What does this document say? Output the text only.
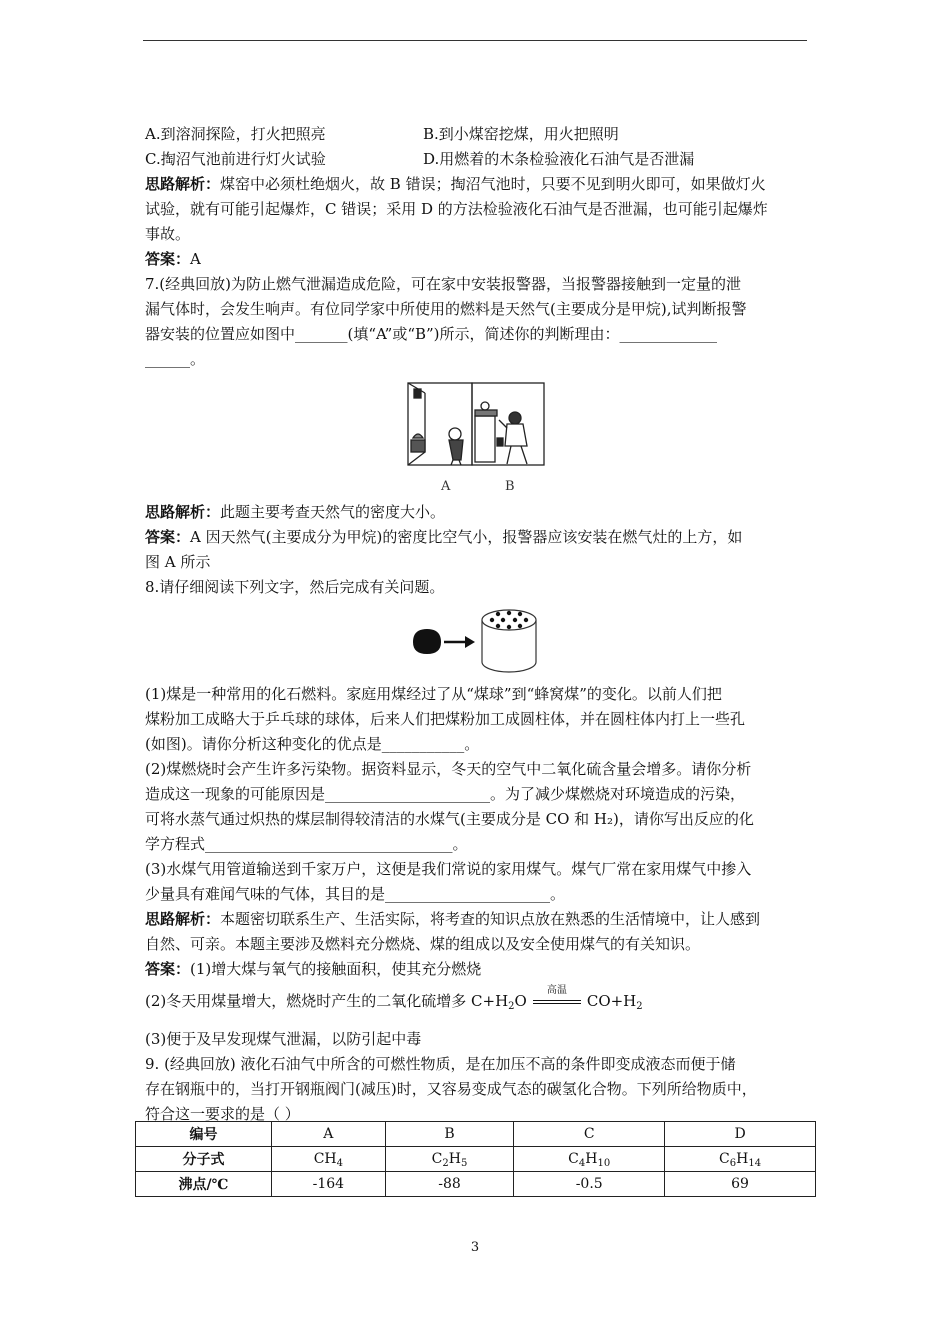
A.到溶洞探险，打火把照亮	B.到小煤窑挖煤，用火把照明
C.掏沼气池前进行灯火试验	D.用燃着的木条检验液化石油气是否泄漏
思路解析：煤窑中必须杜绝烟火，故 B 错误；掏沼气池时，只要不见到明火即可，如果做灯火
试验，就有可能引起爆炸，C 错误；采用 D 的方法检验液化石油气是否泄漏，也可能引起爆炸
事故。
答案：A
7.(经典回放)为防止燃气泄漏造成危险，可在家中安装报警器，当报警器接触到一定量的泄
漏气体时，会发生响声。有位同学家中所使用的燃料是天然气(主要成分是甲烷),试判断报警
器安装的位置应如图中_______(填“A”或“B”)所示，简述你的判断理由：_____________
______。
A	B
思路解析：此题主要考查天然气的密度大小。
答案：A 因天然气(主要成分为甲烷)的密度比空气小，报警器应该安装在燃气灶的上方，如
图 A 所示
8.请仔细阅读下列文字，然后完成有关问题。
(1)煤是一种常用的化石燃料。家庭用煤经过了从“煤球”到“蜂窝煤”的变化。以前人们把
煤粉加工成略大于乒乓球的球体，后来人们把煤粉加工成圆柱体，并在圆柱体内打上一些孔
(如图)。请你分析这种变化的优点是___________。
(2)煤燃烧时会产生许多污染物。据资料显示，冬天的空气中二氧化硫含量会增多。请你分析
造成这一现象的可能原因是______________________。为了减少煤燃烧对环境造成的污染，
可将水蒸气通过炽热的煤层制得较清洁的水煤气(主要成分是 CO 和 H₂)，请你写出反应的化
学方程式_________________________________。
(3)水煤气用管道输送到千家万户，这便是我们常说的家用煤气。煤气厂常在家用煤气中掺入
少量具有难闻气味的气体，其目的是______________________。
思路解析：本题密切联系生产、生活实际，将考查的知识点放在熟悉的生活情境中，让人感到
自然、可亲。本题主要涉及燃料充分燃烧、煤的组成以及安全使用煤气的有关知识。
答案：(1)增大煤与氧气的接触面积，使其充分燃烧
(2)冬天用煤量增大，燃烧时产生的二氧化硫增多 $C+H_2O$
高温
$CO+H_2$
(3)便于及早发现煤气泄漏，以防引起中毒
9. (经典回放) 液化石油气中所含的可燃性物质，是在加压不高的条件即变成液态而便于储
存在钢瓶中的，当打开钢瓶阀门(减压)时，又容易变成气态的碳氢化合物。下列所给物质中，
符合这一要求的是（ ）
编号	A	B	C	D
分子式	$CH_4$	$C_2H_5$	$C_4H_{10}$	$C_6H_{14}$
沸点/℃	-164	-88	-0.5	69
3
